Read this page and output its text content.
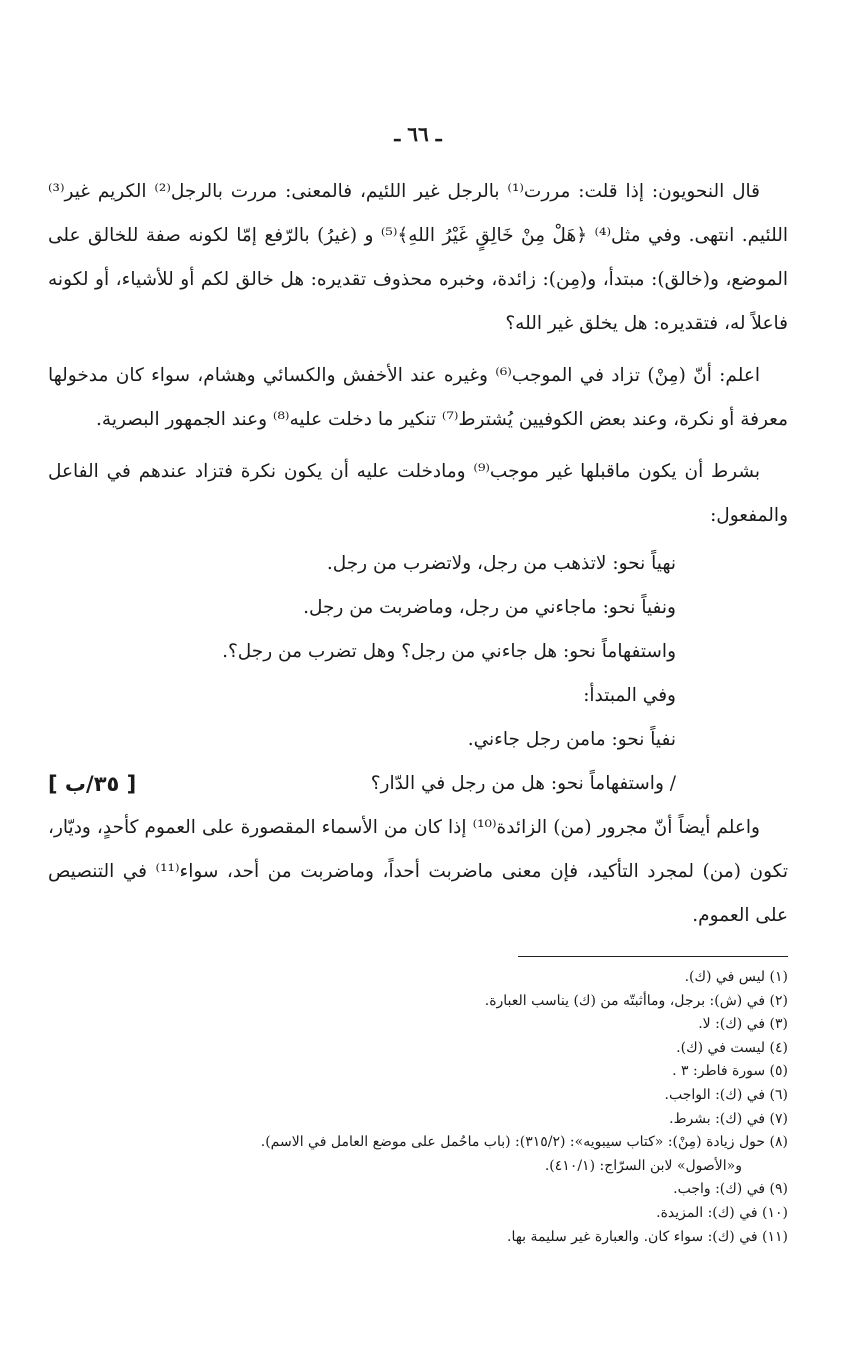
ـ ٦٦ ـ

قال النحويون: إذا قلت: مررت⁽¹⁾ بالرجل غير اللئيم، فالمعنى: مررت بالرجل⁽²⁾ الكريم غير⁽³⁾ اللئيم. انتهى. وفي مثل⁽⁴⁾ ﴿هَلْ مِنْ خَالِقٍ غَيْرُ اللهِ﴾⁽⁵⁾ و (غيرُ) بالرّفع إمّا لكونه صفة للخالق على الموضع، و(خالق): مبتدأ، و(مِن): زائدة، وخبره محذوف تقديره: هل خالق لكم أو للأشياء، أو لكونه فاعلاً له، فتقديره: هل يخلق غير الله؟

اعلم: أنّ (مِنْ) تزاد في الموجب⁽⁶⁾ وغيره عند الأخفش والكسائي وهشام، سواء كان مدخولها معرفة أو نكرة، وعند بعض الكوفيين يُشترط⁽⁷⁾ تنكير ما دخلت عليه⁽⁸⁾ وعند الجمهور البصرية.

بشرط أن يكون ماقبلها غير موجب⁽⁹⁾ ومادخلت عليه أن يكون نكرة فتزاد عندهم في الفاعل والمفعول:

نهياً نحو: لاتذهب من رجل، ولاتضرب من رجل.

ونفياً نحو: ماجاءني من رجل، وماضربت من رجل.

واستفهاماً نحو: هل جاءني من رجل؟ وهل تضرب من رجل؟.

وفي المبتدأ:

نفياً نحو: مامن رجل جاءني.

/ واستفهاماً نحو: هل من رجل في الدّار؟
[ ٣٥/ب ]

واعلم أيضاً أنّ مجرور (من) الزائدة⁽¹⁰⁾ إذا كان من الأسماء المقصورة على العموم كأحدٍ، وديّار، تكون (من) لمجرد التأكيد، فإن معنى ماضربت أحداً، وماضربت من أحد، سواء⁽¹¹⁾ في التنصيص على العموم.

(١) ليس في (ك).

(٢) في (ش): برجل، وماأثبتّه من (ك) يناسب العبارة.

(٣) في (ك): لا.

(٤) ليست في (ك).

(٥) سورة فاطر: ٣ .

(٦) في (ك): الواجب.

(٧) في (ك): بشرط.

(٨) حول زيادة (مِنْ): «كتاب سيبويه»: (٣١٥/٢): (باب ماحُمل على موضع العامل في الاسم).

و«الأصول» لابن السرّاج: (٤١٠/١).

(٩) في (ك): واجب.

(١٠) في (ك): المزيدة.

(١١) في (ك): سواء كان. والعبارة غير سليمة بها.
